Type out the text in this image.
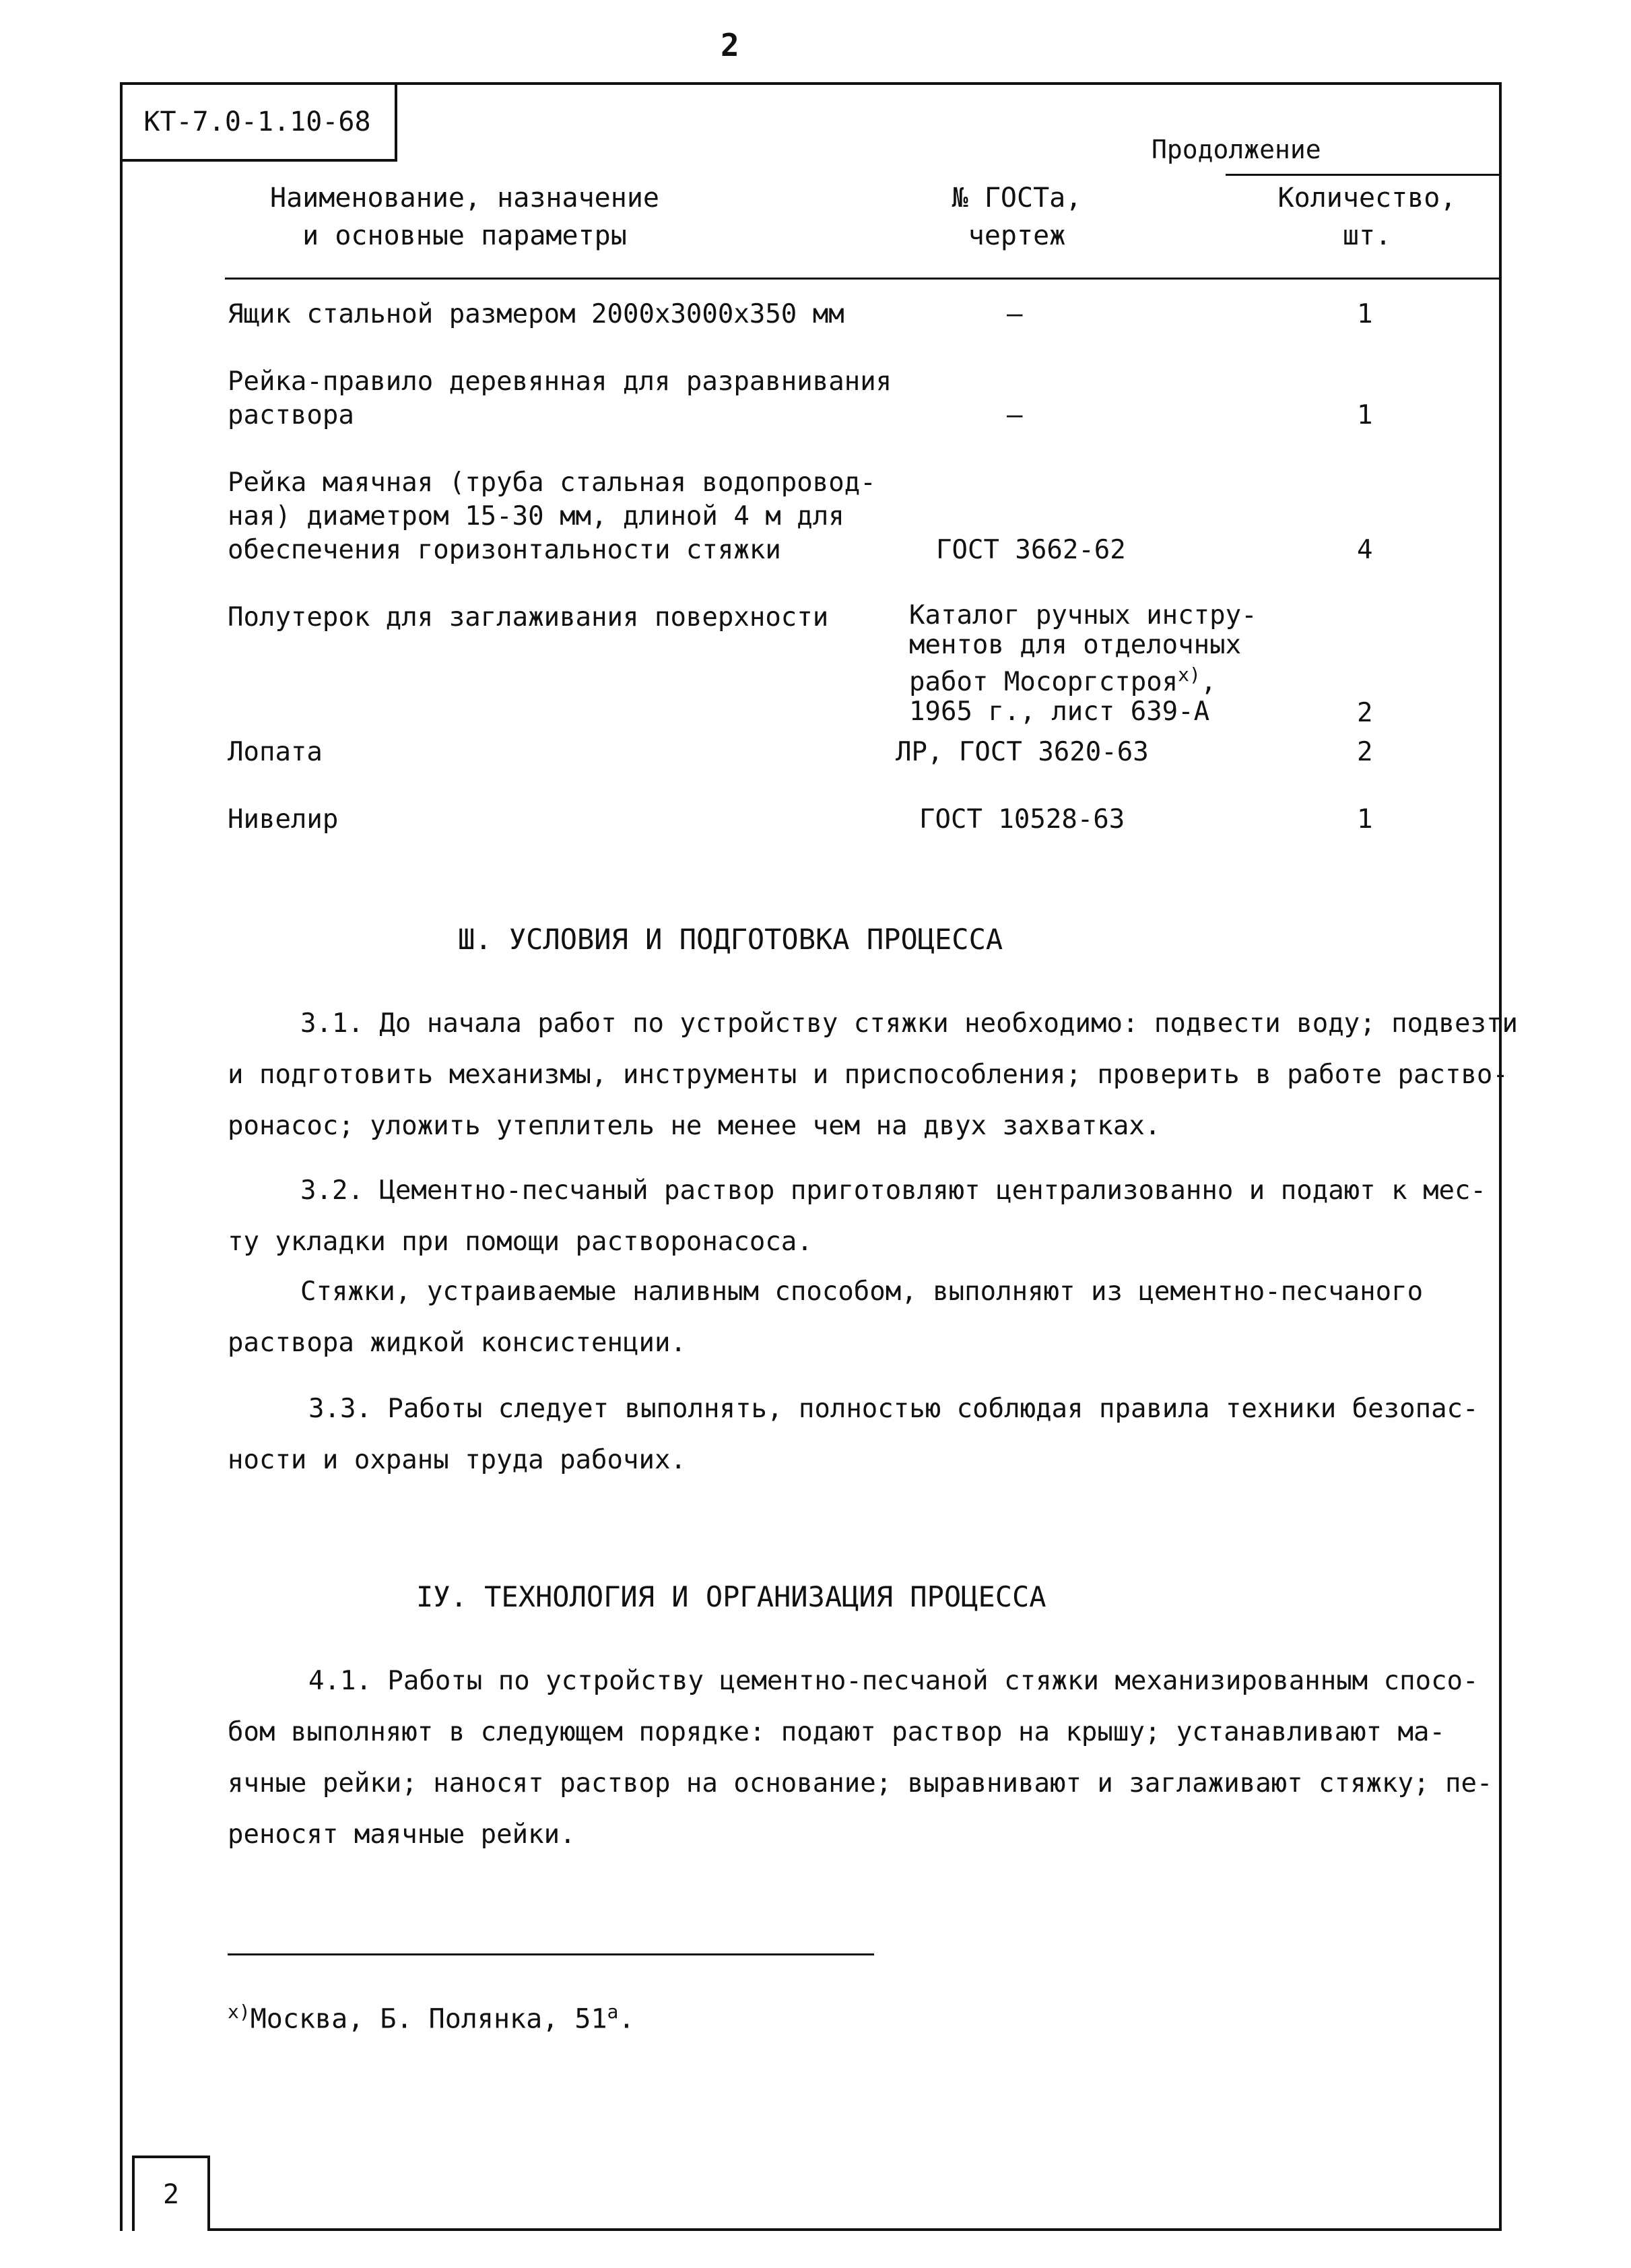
2
КТ-7.0-1.10-68
2
Продолжение
Наименование, назначение
и основные параметры
№ ГОСТа,
чертеж
Количество,
шт.
Ящик стальной размером 2000х3000х350 мм	–	1
Рейка-правило деревянная для разравнивания
раствора	–	1
Рейка маячная (труба стальная водопровод-
ная) диаметром 15-30 мм, длиной 4 м для
обеспечения горизонтальности стяжки	ГОСТ 3662-62	4
Полутерок для заглаживания поверхности	Каталог ручных инстру-
ментов для отделочных
работ Мосоргстроя$^{х)}$,
1965 г., лист 639-А	2
Лопата	ЛР, ГОСТ 3620-63	2
Нивелир	ГОСТ 10528-63	1
Ш. УСЛОВИЯ И ПОДГОТОВКА ПРОЦЕССА
3.1. До начала работ по устройству стяжки необходимо: подвести воду; подвезти
и подготовить механизмы, инструменты и приспособления; проверить в работе раство-
ронасос; уложить утеплитель не менее чем на двух захватках.
3.2. Цементно-песчаный раствор приготовляют централизованно и подают к мес-
ту укладки при помощи растворонасоса.
Стяжки, устраиваемые наливным способом, выполняют из цементно-песчаного
раствора жидкой консистенции.
3.3. Работы следует выполнять, полностью соблюдая правила техники безопас-
ности и охраны труда рабочих.
IУ. ТЕХНОЛОГИЯ И ОРГАНИЗАЦИЯ ПРОЦЕССА
4.1. Работы по устройству цементно-песчаной стяжки механизированным спосо-
бом выполняют в следующем порядке: подают раствор на крышу; устанавливают ма-
ячные рейки; наносят раствор на основание; выравнивают и заглаживают стяжку; пе-
реносят маячные рейки.
$^{х)}$Москва, Б. Полянка, $51^а$.
